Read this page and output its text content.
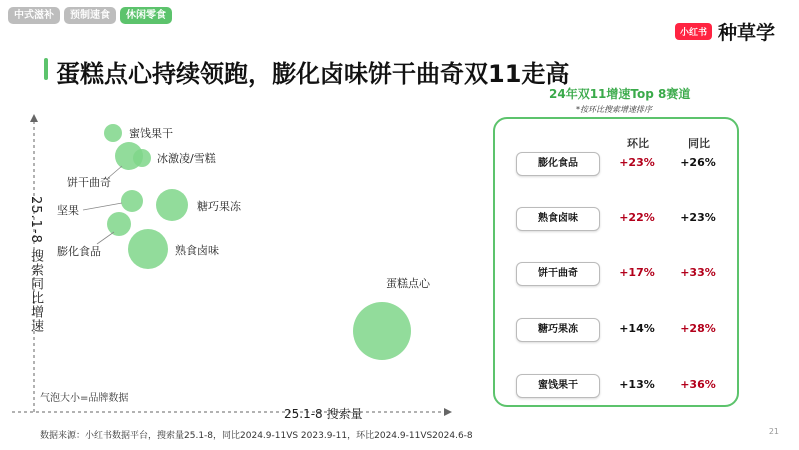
中式滋补	预制速食	休闲零食
小红书 种草学
蛋糕点心持续领跑，膨化卤味饼干曲奇双11走高
25.1-8 搜索同比增速
25.1-8 搜索量
气泡大小=品牌数据
蜜饯果干
冰激凌/雪糕
饼干曲奇
糖巧果冻
坚果
膨化食品	熟食卤味
蛋糕点心
24年双11增速Top 8赛道
*按环比搜索增速排序
环比	同比
膨化食品	+23%	+26%
熟食卤味	+22%	+23%
饼干曲奇	+17%	+33%
糖巧果冻	+14%	+28%
蜜饯果干	+13%	+36%
数据来源：小红书数据平台，搜索量25.1-8，同比2024.9-11VS 2023.9-11，环比2024.9-11VS2024.6-8	21
